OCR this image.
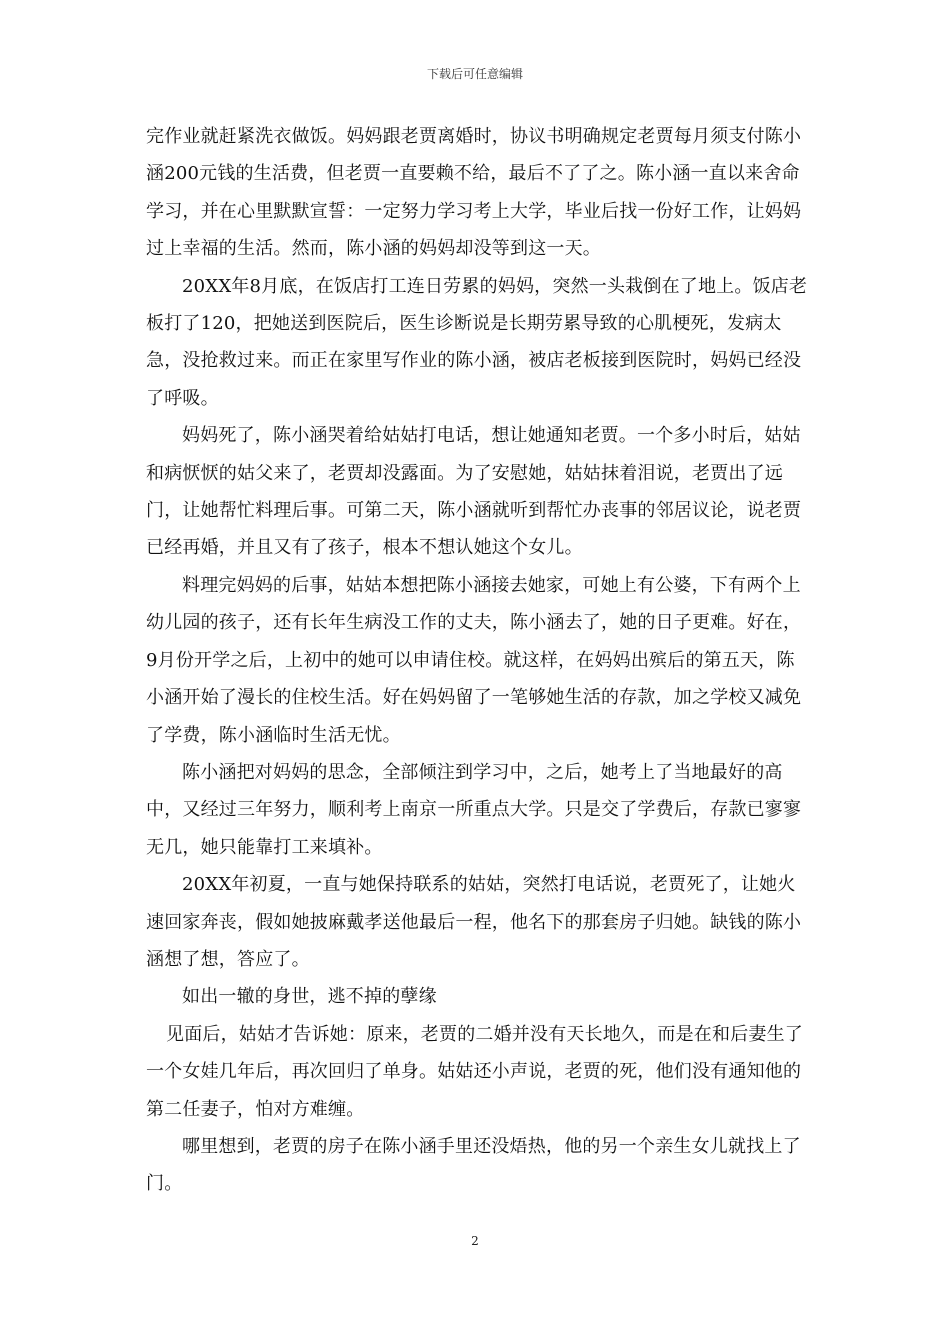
下载后可任意编辑

完作业就赶紧洗衣做饭。妈妈跟老贾离婚时，协议书明确规定老贾每月须支付陈小涵200元钱的生活费，但老贾一直要赖不给，最后不了了之。陈小涵一直以来舍命学习，并在心里默默宣誓：一定努力学习考上大学，毕业后找一份好工作，让妈妈过上幸福的生活。然而，陈小涵的妈妈却没等到这一天。

20XX年8月底，在饭店打工连日劳累的妈妈，突然一头栽倒在了地上。饭店老板打了120，把她送到医院后，医生诊断说是长期劳累导致的心肌梗死，发病太急，没抢救过来。而正在家里写作业的陈小涵，被店老板接到医院时，妈妈已经没了呼吸。

妈妈死了，陈小涵哭着给姑姑打电话，想让她通知老贾。一个多小时后，姑姑和病恹恹的姑父来了，老贾却没露面。为了安慰她，姑姑抹着泪说，老贾出了远门，让她帮忙料理后事。可第二天，陈小涵就听到帮忙办丧事的邻居议论，说老贾已经再婚，并且又有了孩子，根本不想认她这个女儿。

料理完妈妈的后事，姑姑本想把陈小涵接去她家，可她上有公婆，下有两个上幼儿园的孩子，还有长年生病没工作的丈夫，陈小涵去了，她的日子更难。好在，9月份开学之后，上初中的她可以申请住校。就这样，在妈妈出殡后的第五天，陈小涵开始了漫长的住校生活。好在妈妈留了一笔够她生活的存款，加之学校又减免了学费，陈小涵临时生活无忧。

陈小涵把对妈妈的思念，全部倾注到学习中，之后，她考上了当地最好的高中，又经过三年努力，顺利考上南京一所重点大学。只是交了学费后，存款已寥寥无几，她只能靠打工来填补。

20XX年初夏，一直与她保持联系的姑姑，突然打电话说，老贾死了，让她火速回家奔丧，假如她披麻戴孝送他最后一程，他名下的那套房子归她。缺钱的陈小涵想了想，答应了。

如出一辙的身世，逃不掉的孽缘

见面后，姑姑才告诉她：原来，老贾的二婚并没有天长地久，而是在和后妻生了一个女娃几年后，再次回归了单身。姑姑还小声说，老贾的死，他们没有通知他的第二任妻子，怕对方难缠。

哪里想到，老贾的房子在陈小涵手里还没焐热，他的另一个亲生女儿就找上了门。

2
